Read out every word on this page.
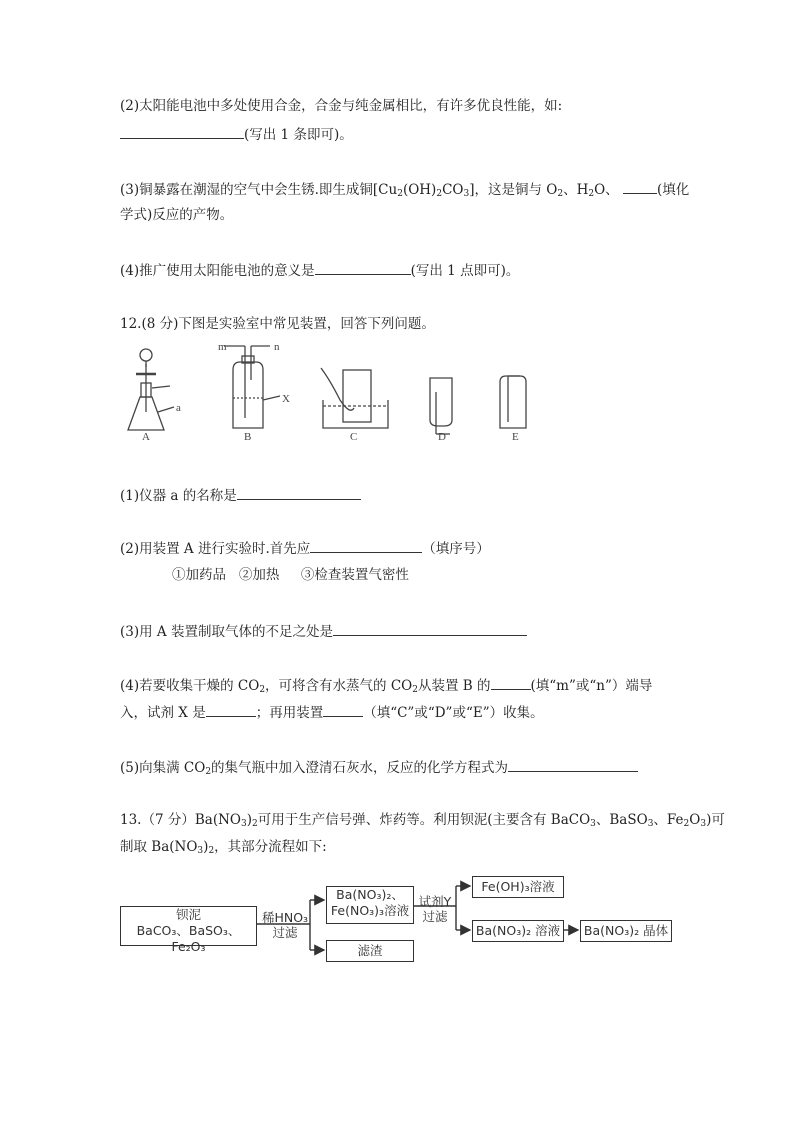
(2)太阳能电池中多处使用合金，合金与纯金属相比，有许多优良性能，如:
(写出 1 条即可)。
(3)铜暴露在潮湿的空气中会生锈.即生成铜$[Cu_2(OH)_2CO_3]$，这是铜与 $O_2$、$H_2O$、	(填化
学式)反应的产物。
(4)推广使用太阳能电池的意义是	(写出 1 点即可)。
12.(8 分)下图是实验室中常见装置，回答下列问题。
A	B	C	D	E
a
m	n
X
(1)仪器 a 的名称是
(2)用装置 A 进行实验时.首先应	（填序号）
①加药品   ②加热     ③检查装置气密性
(3)用 A 装置制取气体的不足之处是
(4)若要收集干燥的 $CO_2$，可将含有水蒸气的 $CO_2$从装置 B 的	(填“m”或“n”）端导
入，试剂 X 是	；再用装置	（填“C”或“D”或“E”）收集。
(5)向集满 $CO_2$的集气瓶中加入澄清石灰水，反应的化学方程式为
13.（7 分）$Ba(NO_3)_2$可用于生产信号弹、炸药等。利用钡泥(主要含有 BaCO$_3$、BaSO$_3$、$Fe_2O_3$)可
制取 $Ba(NO_3)_2$，其部分流程如下:
钡泥
BaCO₃、BaSO₃、Fe₂O₃
稀HNO₃
过滤
Ba(NO₃)₂、
Fe(NO₃)₃溶液
滤渣
试剂Y
过滤
Fe(OH)₃溶液
Ba(NO₃)₂ 溶液	Ba(NO₃)₂ 晶体
